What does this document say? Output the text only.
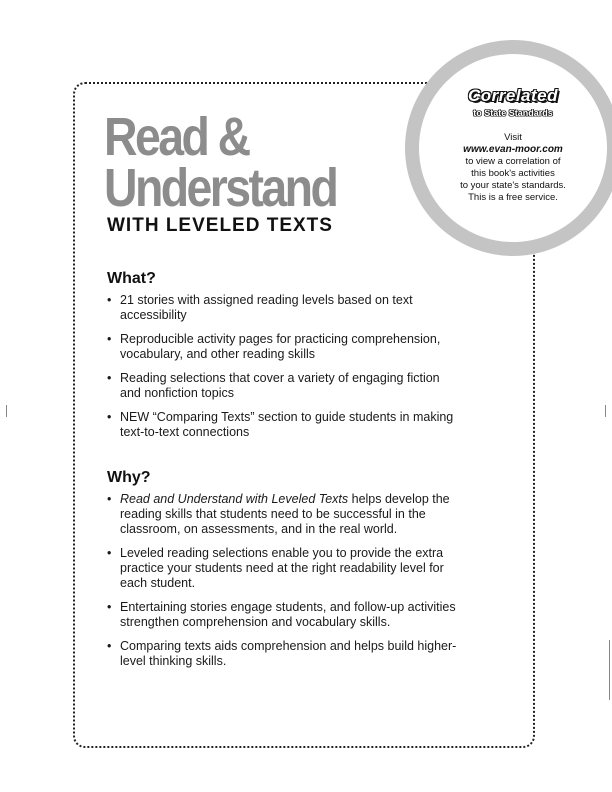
Read &
Understand
WITH LEVELED TEXTS
Correlated
to State Standards
Visit
www.evan-moor.com
to view a correlation of
this book's activities
to your state's standards.
This is a free service.
What?
• 21 stories with assigned reading levels based on text accessibility
• Reproducible activity pages for practicing comprehension, vocabulary, and other reading skills
• Reading selections that cover a variety of engaging fiction and nonfiction topics
• NEW “Comparing Texts” section to guide students in making text-to-text connections
Why?
• Read and Understand with Leveled Texts helps develop the reading skills that students need to be successful in the classroom, on assessments, and in the real world.
• Leveled reading selections enable you to provide the extra practice your students need at the right readability level for each student.
• Entertaining stories engage students, and follow-up activities strengthen comprehension and vocabulary skills.
• Comparing texts aids comprehension and helps build higher-level thinking skills.
